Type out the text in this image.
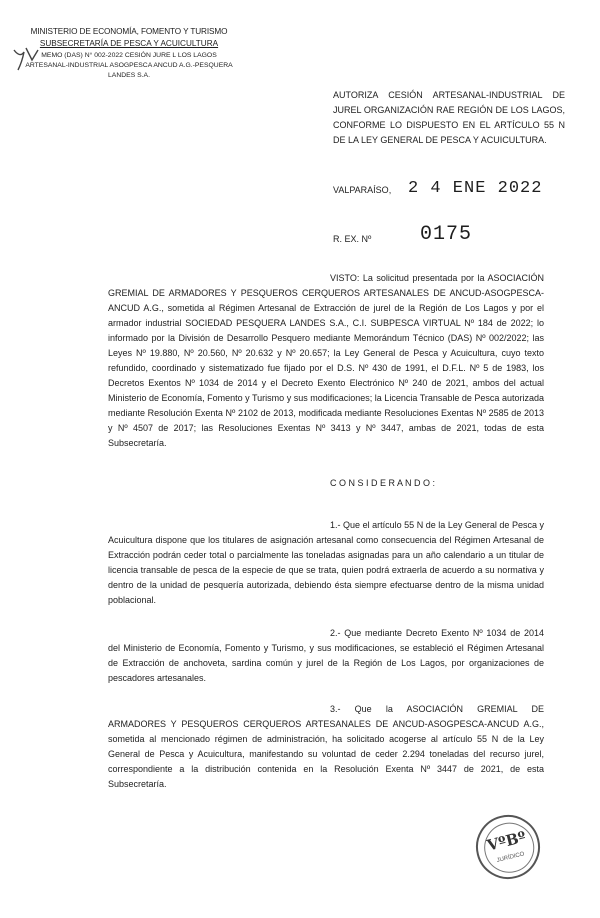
MINISTERIO DE ECONOMÍA, FOMENTO Y TURISMO
SUBSECRETARÍA DE PESCA Y ACUICULTURA
MEMO (DAS) N° 002-2022 CESIÓN JURE L LOS LAGOS
ARTESANAL-INDUSTRIAL ASOGPESCA ANCUD A.G.-PESQUERA
LANDES S.A.
AUTORIZA CESIÓN ARTESANAL-INDUSTRIAL DE JUREL ORGANIZACIÓN RAE REGIÓN DE LOS LAGOS, CONFORME LO DISPUESTO EN EL ARTÍCULO 55 N DE LA LEY GENERAL DE PESCA Y ACUICULTURA.
VALPARAÍSO, 2 4 ENE 2022
R. EX. Nº 0175
VISTO: La solicitud presentada por la ASOCIACIÓN GREMIAL DE ARMADORES Y PESQUEROS CERQUEROS ARTESANALES DE ANCUD-ASOGPESCA-ANCUD A.G., sometida al Régimen Artesanal de Extracción de jurel de la Región de Los Lagos y por el armador industrial SOCIEDAD PESQUERA LANDES S.A., C.I. SUBPESCA VIRTUAL Nº 184 de 2022; lo informado por la División de Desarrollo Pesquero mediante Memorándum Técnico (DAS) Nº 002/2022; las Leyes Nº 19.880, Nº 20.560, Nº 20.632 y Nº 20.657; la Ley General de Pesca y Acuicultura, cuyo texto refundido, coordinado y sistematizado fue fijado por el D.S. Nº 430 de 1991, el D.F.L. Nº 5 de 1983, los Decretos Exentos Nº 1034 de 2014 y el Decreto Exento Electrónico Nº 240 de 2021, ambos del actual Ministerio de Economía, Fomento y Turismo y sus modificaciones; la Licencia Transable de Pesca autorizada mediante Resolución Exenta Nº 2102 de 2013, modificada mediante Resoluciones Exentas Nº 2585 de 2013 y Nº 4507 de 2017; las Resoluciones Exentas Nº 3413 y Nº 3447, ambas de 2021, todas de esta Subsecretaría.
C O N S I D E R A N D O :
1.- Que el artículo 55 N de la Ley General de Pesca y Acuicultura dispone que los titulares de asignación artesanal como consecuencia del Régimen Artesanal de Extracción podrán ceder total o parcialmente las toneladas asignadas para un año calendario a un titular de licencia transable de pesca de la especie de que se trata, quien podrá extraerla de acuerdo a su normativa y dentro de la unidad de pesquería autorizada, debiendo ésta siempre efectuarse dentro de la misma unidad poblacional.
2.- Que mediante Decreto Exento Nº 1034 de 2014 del Ministerio de Economía, Fomento y Turismo, y sus modificaciones, se estableció el Régimen Artesanal de Extracción de anchoveta, sardina común y jurel de la Región de Los Lagos, por organizaciones de pescadores artesanales.
3.- Que la ASOCIACIÓN GREMIAL DE ARMADORES Y PESQUEROS CERQUEROS ARTESANALES DE ANCUD-ASOGPESCA-ANCUD A.G., sometida al mencionado régimen de administración, ha solicitado acogerse al artículo 55 N de la Ley General de Pesca y Acuicultura, manifestando su voluntad de ceder 2.294 toneladas del recurso jurel, correspondiente a la distribución contenida en la Resolución Exenta Nº 3447 de 2021, de esta Subsecretaría.
VºBº
JURÍDICO
